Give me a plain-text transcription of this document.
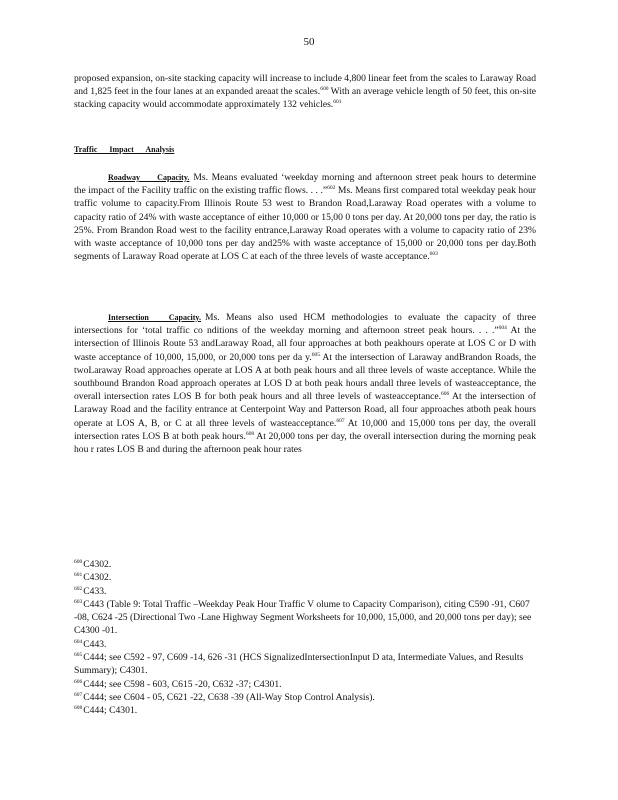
50

proposed expansion, on-site stacking capacity will increase to include 4,800 linear feet from the scales to Laraway Road and 1,825 feet in the four lanes at an expanded areaat the scales.$^{600}$ With an average vehicle length of 50 feet, this on-site stacking capacity would accommodate approximately 132 vehicles.$^{601}$

Traffic Impact Analysis

Roadway Capacity. Ms. Means evaluated ‘weekday morning and afternoon street peak hours to determine the impact of the Facility traffic on the existing traffic flows. . . .”$^{602}$ Ms. Means first compared total weekday peak hour traffic volume to capacity.From Illinois Route 53 west to Brandon Road,Laraway Road operates with a volume to capacity ratio of 24% with waste acceptance of either 10,000 or 15,00 0 tons per day. At 20,000 tons per day, the ratio is 25%. From Brandon Road west to the facility entrance,Laraway Road operates with a volume to capacity ratio of 23% with waste acceptance of 10,000 tons per day and25% with waste acceptance of 15,000 or 20,000 tons per day.Both segments of Laraway Road operate at LOS C at each of the three levels of waste acceptance.$^{603}$

Intersection Capacity. Ms. Means also used HCM methodologies to evaluate the capacity of three intersections for ‘total traffic co nditions of the weekday morning and afternoon street peak hours. . . .”$^{604}$ At the intersection of Illinois Route 53 andLaraway Road, all four approaches at both peakhours operate at LOS C or D with waste acceptance of 10,000, 15,000, or 20,000 tons per da y.$^{605}$ At the intersection of Laraway andBrandon Roads, the twoLaraway Road approaches operate at LOS A at both peak hours and all three levels of waste acceptance. While the southbound Brandon Road approach operates at LOS D at both peak hours andall three levels of wasteacceptance, the overall intersection rates LOS B for both peak hours and all three levels of wasteacceptance.$^{606}$ At the intersection of Laraway Road and the facility entrance at Centerpoint Way and Patterson Road, all four approaches atboth peak hours operate at LOS A, B, or C at all three levels of wasteacceptance.$^{607}$ At 10,000 and 15,000 tons per day, the overall intersection rates LOS B at both peak hours.$^{608}$ At 20,000 tons per day, the overall intersection during the morning peak hou r rates LOS B and during the afternoon peak hour rates

$^{600}$C4302.
$^{601}$C4302.
$^{602}$C433.
$^{603}$C443 (Table 9: Total Traffic –Weekday Peak Hour Traffic V olume to Capacity Comparison), citing C590 -91, C607 -08, C624 -25 (Directional Two -Lane Highway Segment Worksheets for 10,000, 15,000, and 20,000 tons per day); see C4300 -01.
$^{604}$C443.
$^{605}$C444; see C592 - 97, C609 -14, 626 -31 (HCS SignalizedIntersectionInput D ata, Intermediate Values, and Results Summary); C4301.
$^{606}$C444; see C598 - 603, C615 -20, C632 -37; C4301.
$^{607}$C444; see C604 - 05, C621 -22, C638 -39 (All-Way Stop Control Analysis).
$^{608}$C444; C4301.
